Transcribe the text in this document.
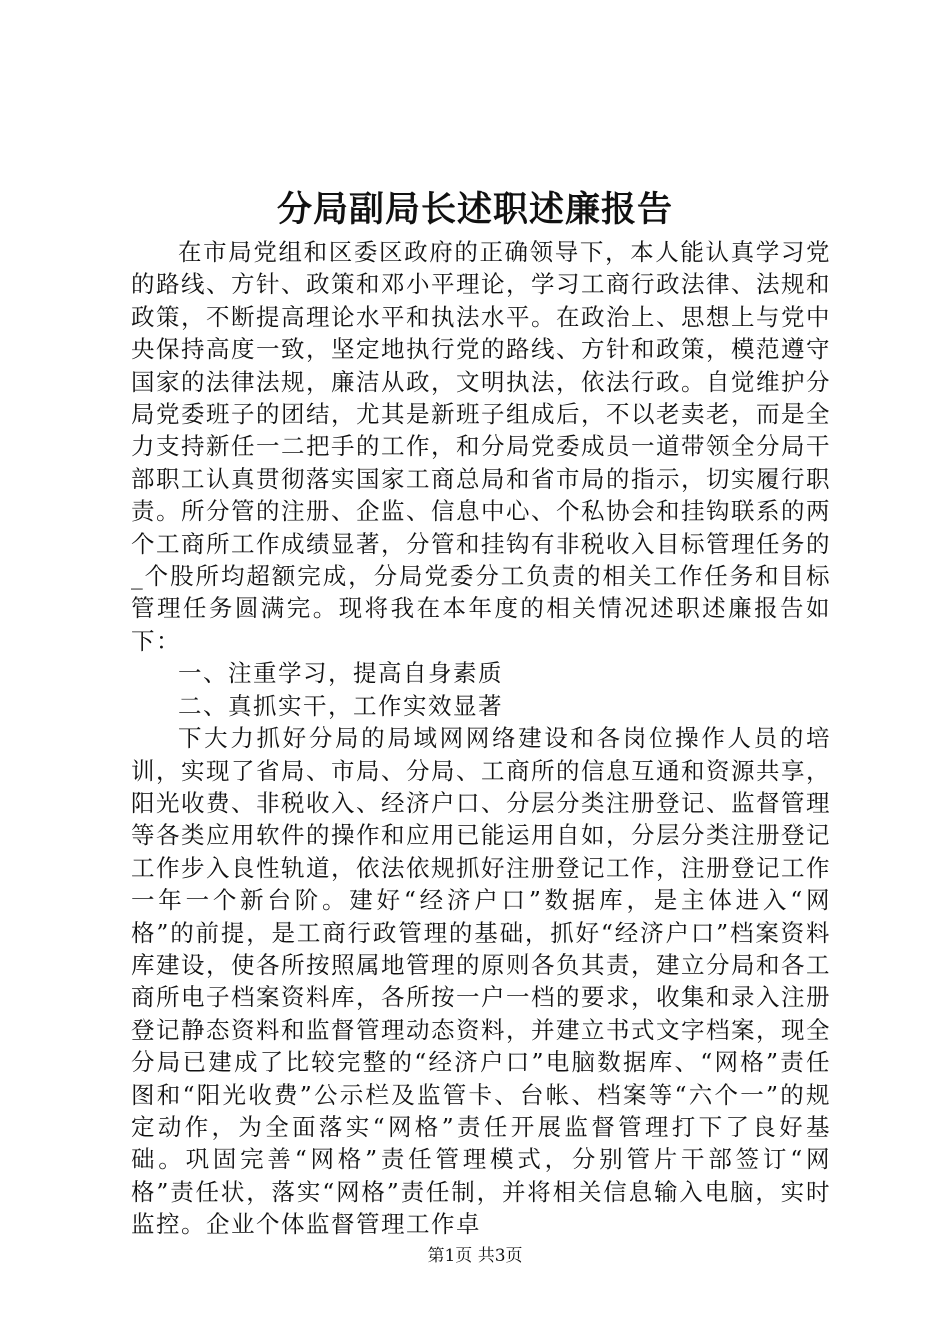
分局副局长述职述廉报告

在市局党组和区委区政府的正确领导下，本人能认真学习党的路线、方针、政策和邓小平理论，学习工商行政法律、法规和政策，不断提高理论水平和执法水平。在政治上、思想上与党中央保持高度一致，坚定地执行党的路线、方针和政策，模范遵守国家的法律法规，廉洁从政，文明执法，依法行政。自觉维护分局党委班子的团结，尤其是新班子组成后，不以老卖老，而是全力支持新任一二把手的工作，和分局党委成员一道带领全分局干部职工认真贯彻落实国家工商总局和省市局的指示，切实履行职责。所分管的注册、企监、信息中心、个私协会和挂钩联系的两个工商所工作成绩显著，分管和挂钩有非税收入目标管理任务的_个股所均超额完成，分局党委分工负责的相关工作任务和目标管理任务圆满完。现将我在本年度的相关情况述职述廉报告如下：

一、注重学习，提高自身素质

二、真抓实干，工作实效显著

下大力抓好分局的局域网网络建设和各岗位操作人员的培训，实现了省局、市局、分局、工商所的信息互通和资源共享，阳光收费、非税收入、经济户口、分层分类注册登记、监督管理等各类应用软件的操作和应用已能运用自如，分层分类注册登记工作步入良性轨道，依法依规抓好注册登记工作，注册登记工作一年一个新台阶。建好“经济户口”数据库，是主体进入“网格”的前提，是工商行政管理的基础，抓好“经济户口”档案资料库建设，使各所按照属地管理的原则各负其责，建立分局和各工商所电子档案资料库，各所按一户一档的要求，收集和录入注册登记静态资料和监督管理动态资料，并建立书式文字档案，现全分局已建成了比较完整的“经济户口”电脑数据库、“网格”责任图和“阳光收费”公示栏及监管卡、台帐、档案等“六个一”的规定动作，为全面落实“网格”责任开展监督管理打下了良好基础。巩固完善“网格”责任管理模式，分别管片干部签订“网格”责任状，落实“网格”责任制，并将相关信息输入电脑，实时监控。企业个体监督管理工作卓

第1页 共3页
